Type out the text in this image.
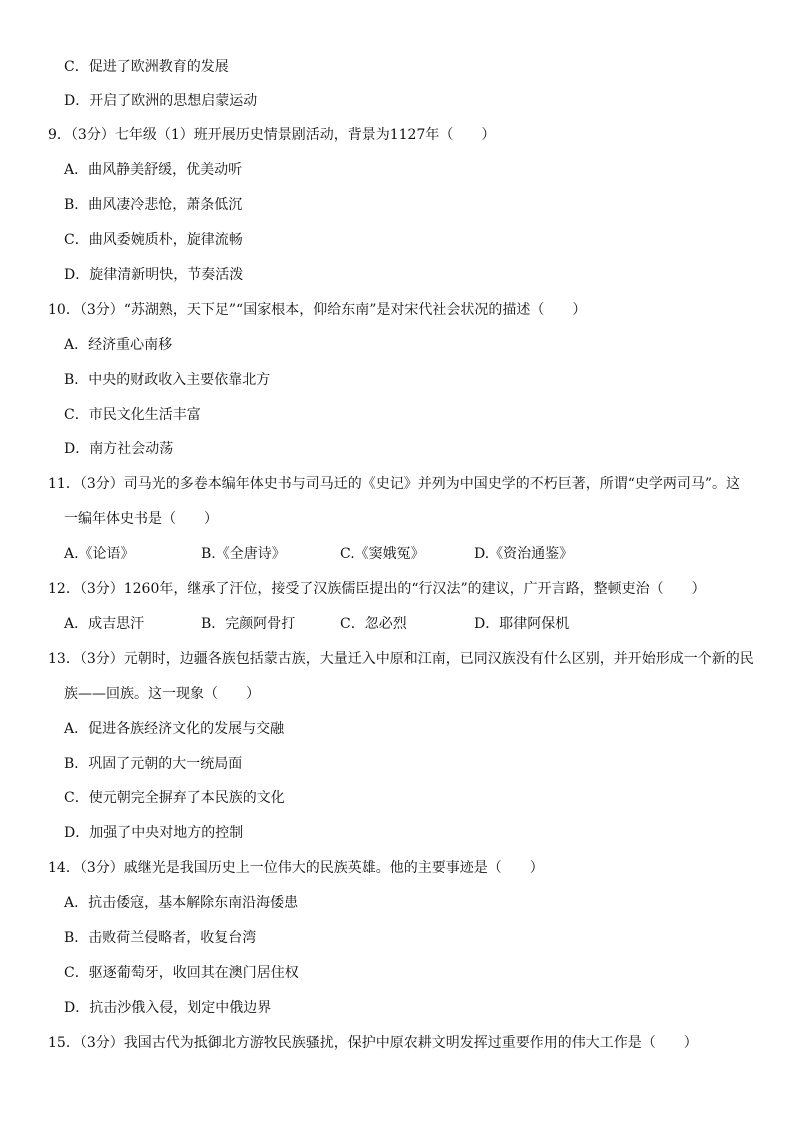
C．促进了欧洲教育的发展
D．开启了欧洲的思想启蒙运动
9．（3分）七年级（1）班开展历史情景剧活动，背景为1127年（　　）
A．曲风静美舒缓，优美动听
B．曲风凄冷悲怆，萧条低沉
C．曲风委婉质朴，旋律流畅
D．旋律清新明快，节奏活泼
10．（3分）“苏湖熟，天下足”“国家根本，仰给东南”是对宋代社会状况的描述（　　）
A．经济重心南移
B．中央的财政收入主要依靠北方
C．市民文化生活丰富
D．南方社会动荡
11．（3分）司马光的多卷本编年体史书与司马迁的《史记》并列为中国史学的不朽巨著，所谓“史学两司马”。这
一编年体史书是（　　）
A.《论语》	B.《全唐诗》	C.《窦娥冤》	D.《资治通鉴》
12．（3分）1260年，继承了汗位，接受了汉族儒臣提出的“行汉法”的建议，广开言路，整顿吏治（　　）
A．成吉思汗	B．完颜阿骨打	C．忽必烈	D．耶律阿保机
13．（3分）元朝时，边疆各族包括蒙古族，大量迁入中原和江南，已同汉族没有什么区别，并开始形成一个新的民
族——回族。这一现象（　　）
A．促进各族经济文化的发展与交融
B．巩固了元朝的大一统局面
C．使元朝完全摒弃了本民族的文化
D．加强了中央对地方的控制
14．（3分）戚继光是我国历史上一位伟大的民族英雄。他的主要事迹是（　　）
A．抗击倭寇，基本解除东南沿海倭患
B．击败荷兰侵略者，收复台湾
C．驱逐葡萄牙，收回其在澳门居住权
D．抗击沙俄入侵，划定中俄边界
15．（3分）我国古代为抵御北方游牧民族骚扰，保护中原农耕文明发挥过重要作用的伟大工作是（　　）
